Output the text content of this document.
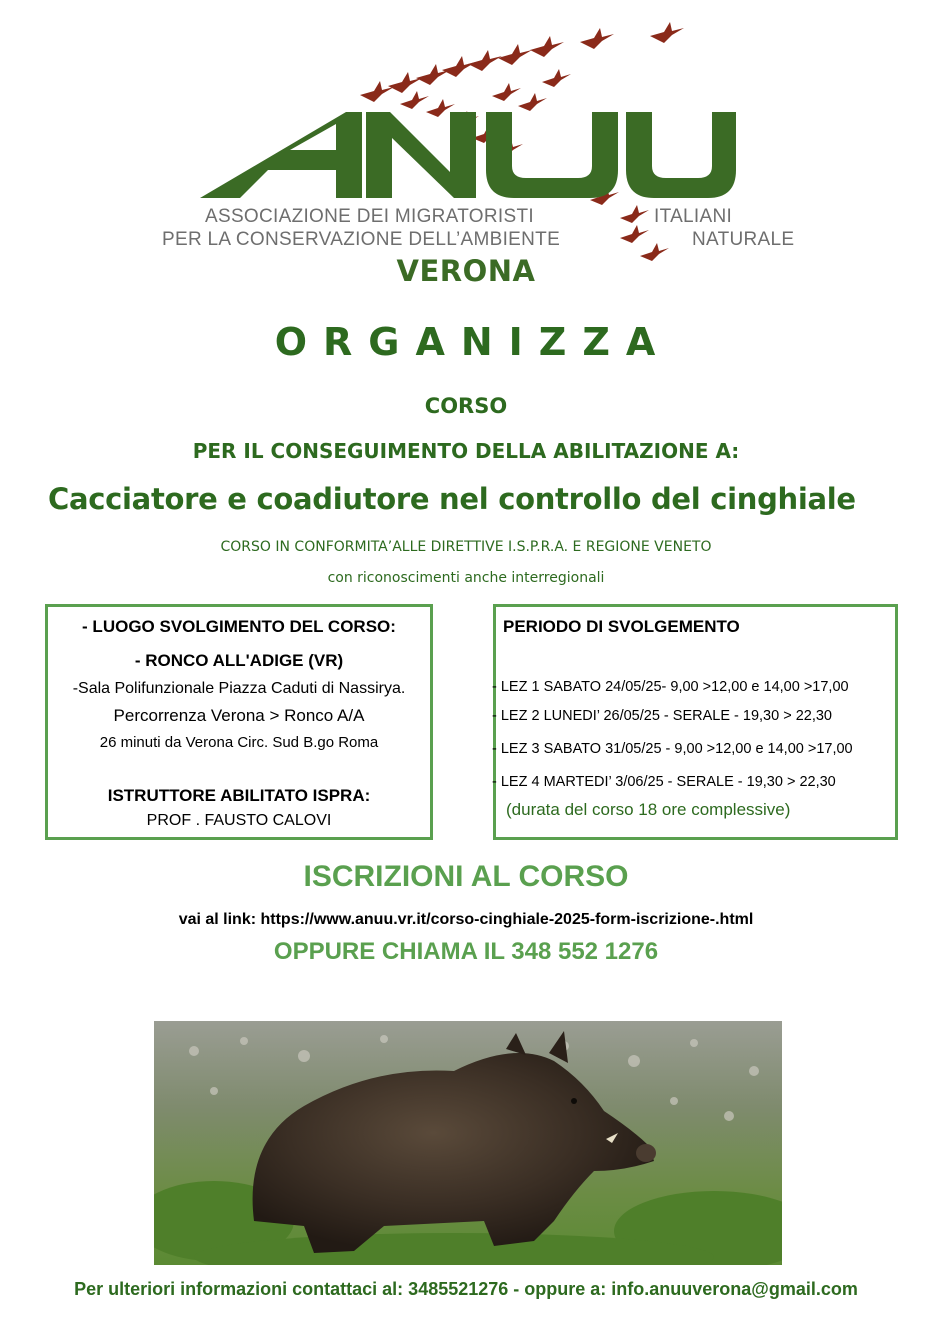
ASSOCIAZIONE DEI MIGRATORISTI	ITALIANI
PER LA CONSERVAZIONE DELL’AMBIENTE	NATURALE
VERONA
ORGANIZZA
CORSO
PER IL CONSEGUIMENTO DELLA ABILITAZIONE A:
Cacciatore e coadiutore nel controllo del cinghiale
CORSO IN CONFORMITA’ALLE DIRETTIVE I.S.P.R.A. E REGIONE VENETO
con riconoscimenti anche interregionali
- LUOGO SVOLGIMENTO DEL CORSO:
- RONCO ALL'ADIGE (VR)
-Sala Polifunzionale Piazza Caduti di Nassirya.
Percorrenza Verona > Ronco A/A
26 minuti da Verona Circ. Sud B.go Roma
ISTRUTTORE ABILITATO ISPRA:
PROF . FAUSTO CALOVI
PERIODO DI SVOLGEMENTO
- LEZ 1 SABATO 24/05/25- 9,00 >12,00 e 14,00 >17,00
- LEZ 2 LUNEDI’ 26/05/25 - SERALE - 19,30 > 22,30
- LEZ 3 SABATO 31/05/25 - 9,00 >12,00 e 14,00 >17,00
- LEZ 4 MARTEDI’ 3/06/25 - SERALE - 19,30 > 22,30
(durata del corso 18 ore complessive)
ISCRIZIONI AL CORSO
vai al link: https://www.anuu.vr.it/corso-cinghiale-2025-form-iscrizione-.html
OPPURE CHIAMA IL 348 552 1276
Per ulteriori informazioni contattaci al: 3485521276 - oppure a: info.anuuverona@gmail.com
